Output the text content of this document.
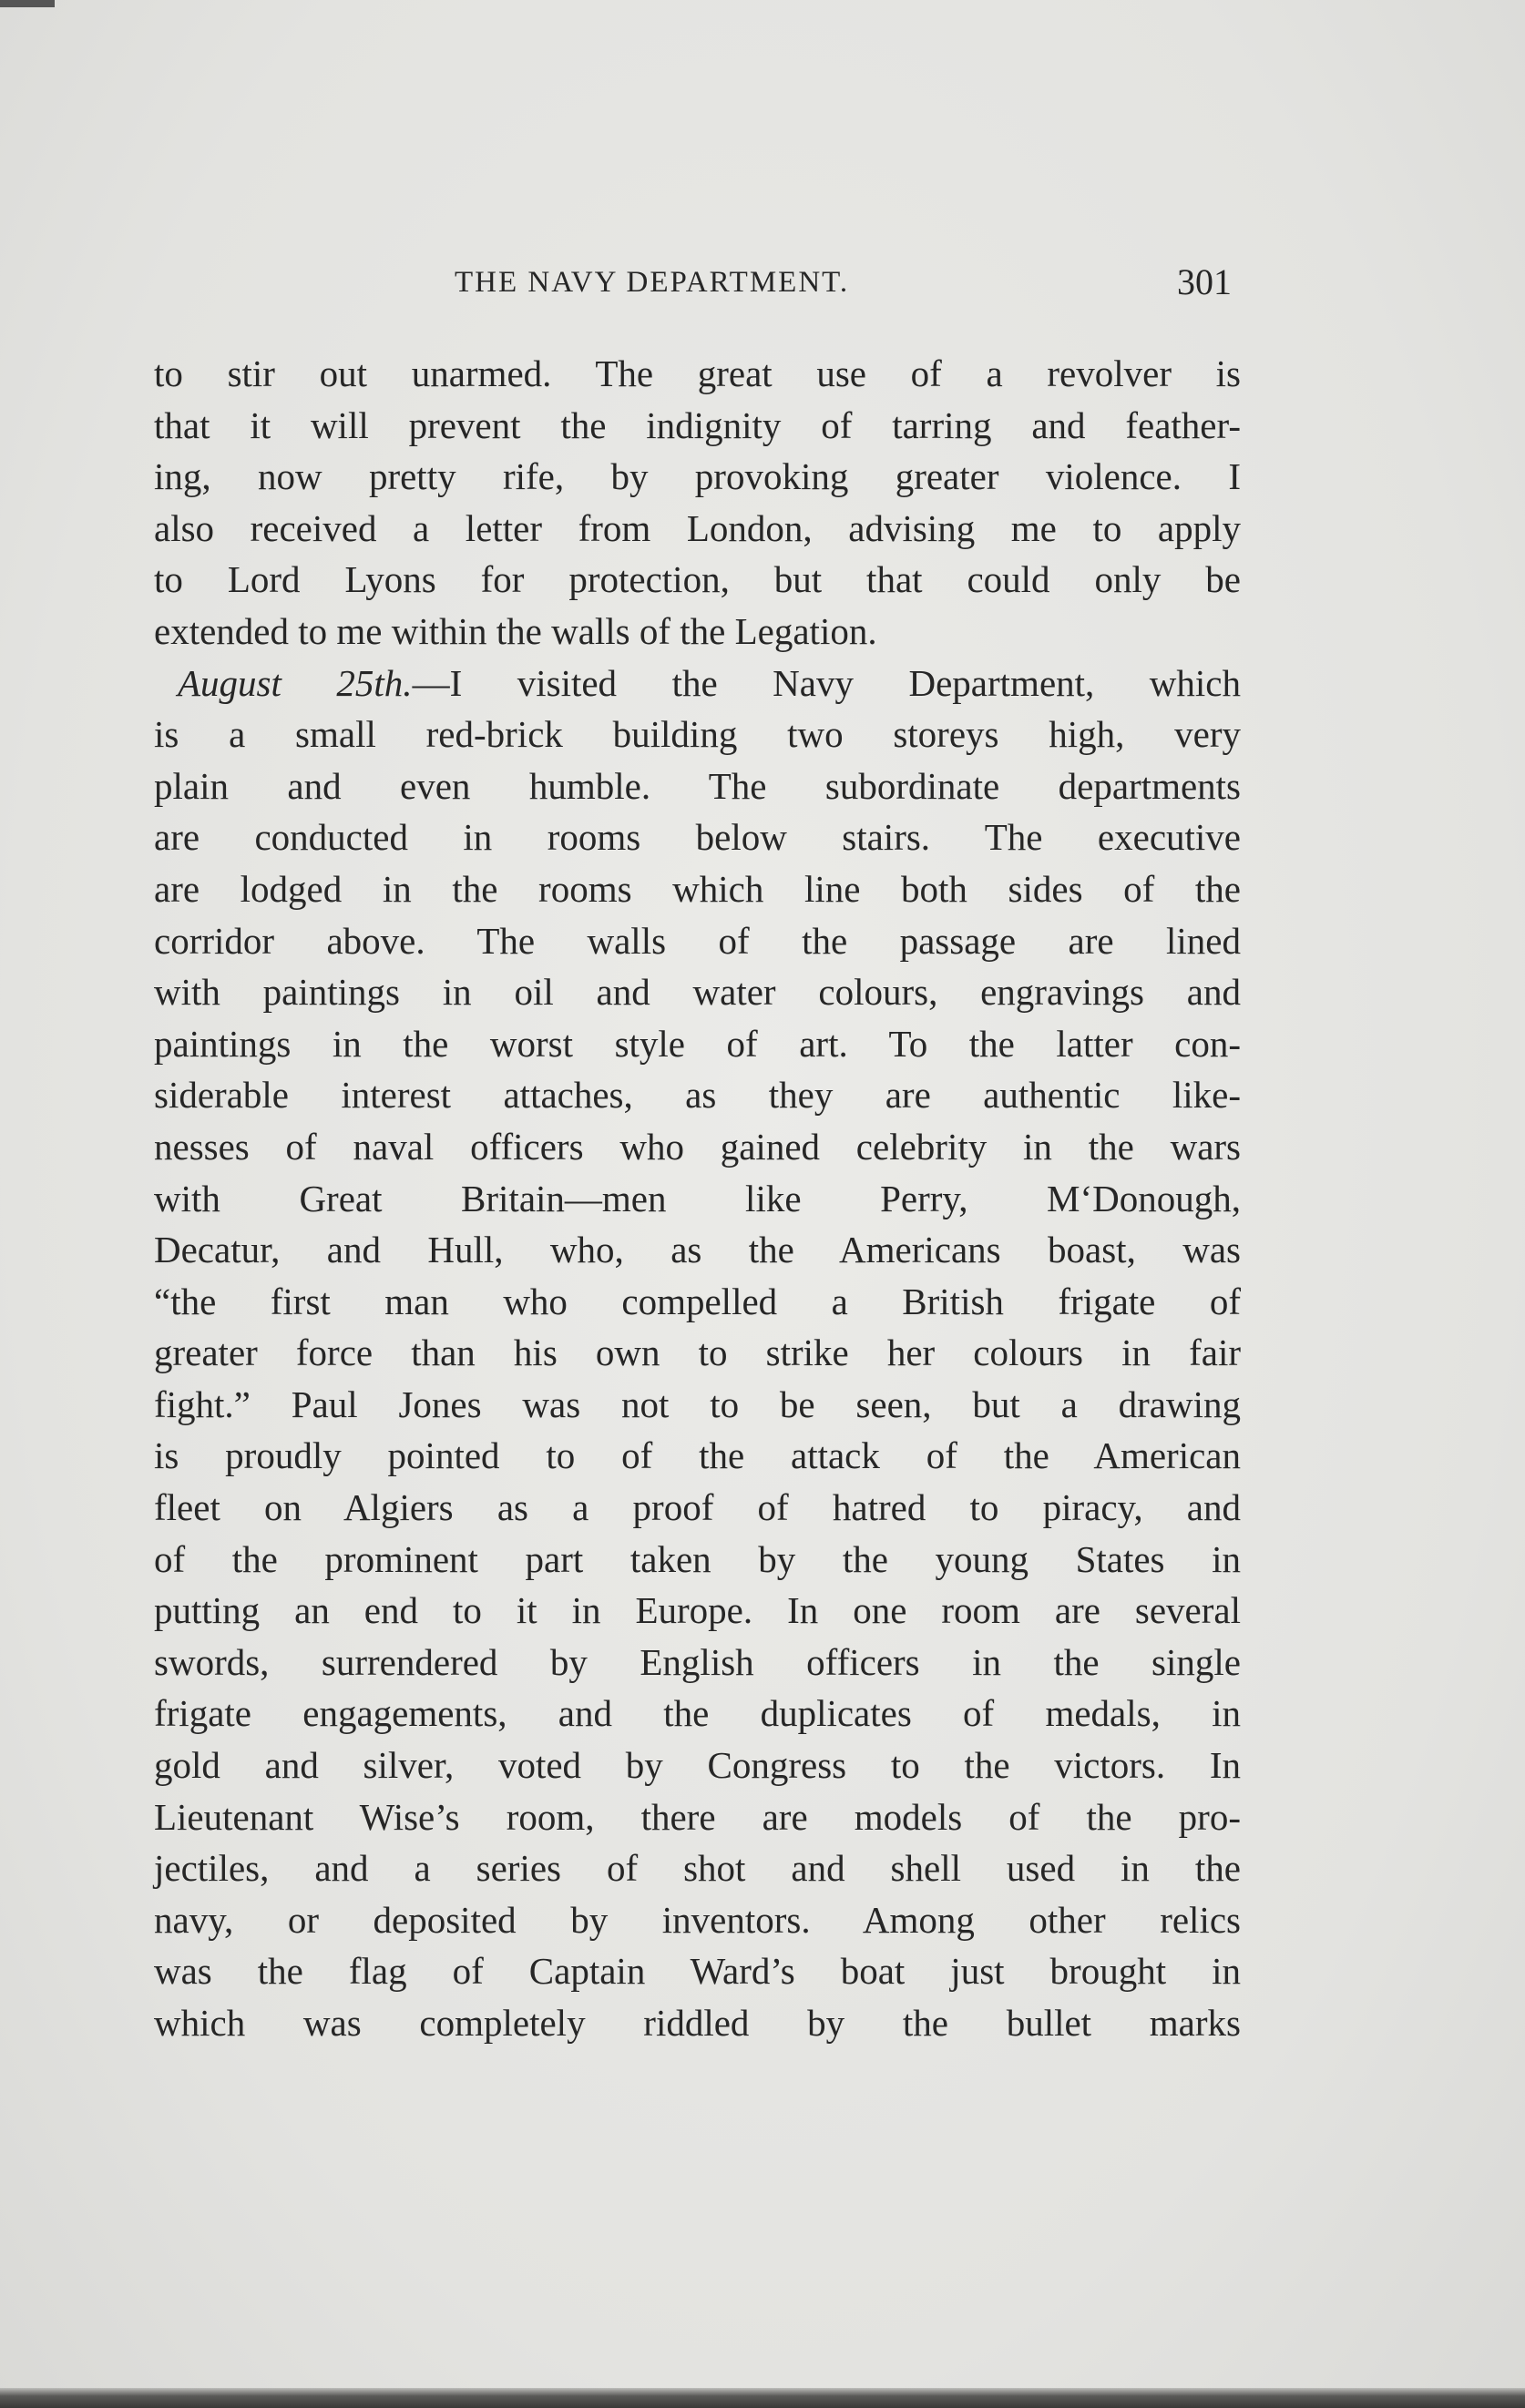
THE NAVY DEPARTMENT.	301
to stir out unarmed. The great use of a revolver is
that it will prevent the indignity of tarring and feather-
ing, now pretty rife, by provoking greater violence. I
also received a letter from London, advising me to apply
to Lord Lyons for protection, but that could only be
extended to me within the walls of the Legation.
August 25th.—I visited the Navy Department, which
is a small red-brick building two storeys high, very
plain and even humble. The subordinate departments
are conducted in rooms below stairs. The executive
are lodged in the rooms which line both sides of the
corridor above. The walls of the passage are lined
with paintings in oil and water colours, engravings and
paintings in the worst style of art. To the latter con-
siderable interest attaches, as they are authentic like-
nesses of naval officers who gained celebrity in the wars
with Great Britain—men like Perry, M‘Donough,
Decatur, and Hull, who, as the Americans boast, was
“the first man who compelled a British frigate of
greater force than his own to strike her colours in fair
fight.” Paul Jones was not to be seen, but a drawing
is proudly pointed to of the attack of the American
fleet on Algiers as a proof of hatred to piracy, and
of the prominent part taken by the young States in
putting an end to it in Europe. In one room are several
swords, surrendered by English officers in the single
frigate engagements, and the duplicates of medals, in
gold and silver, voted by Congress to the victors. In
Lieutenant Wise’s room, there are models of the pro-
jectiles, and a series of shot and shell used in the
navy, or deposited by inventors. Among other relics
was the flag of Captain Ward’s boat just brought in
which was completely riddled by the bullet marks
